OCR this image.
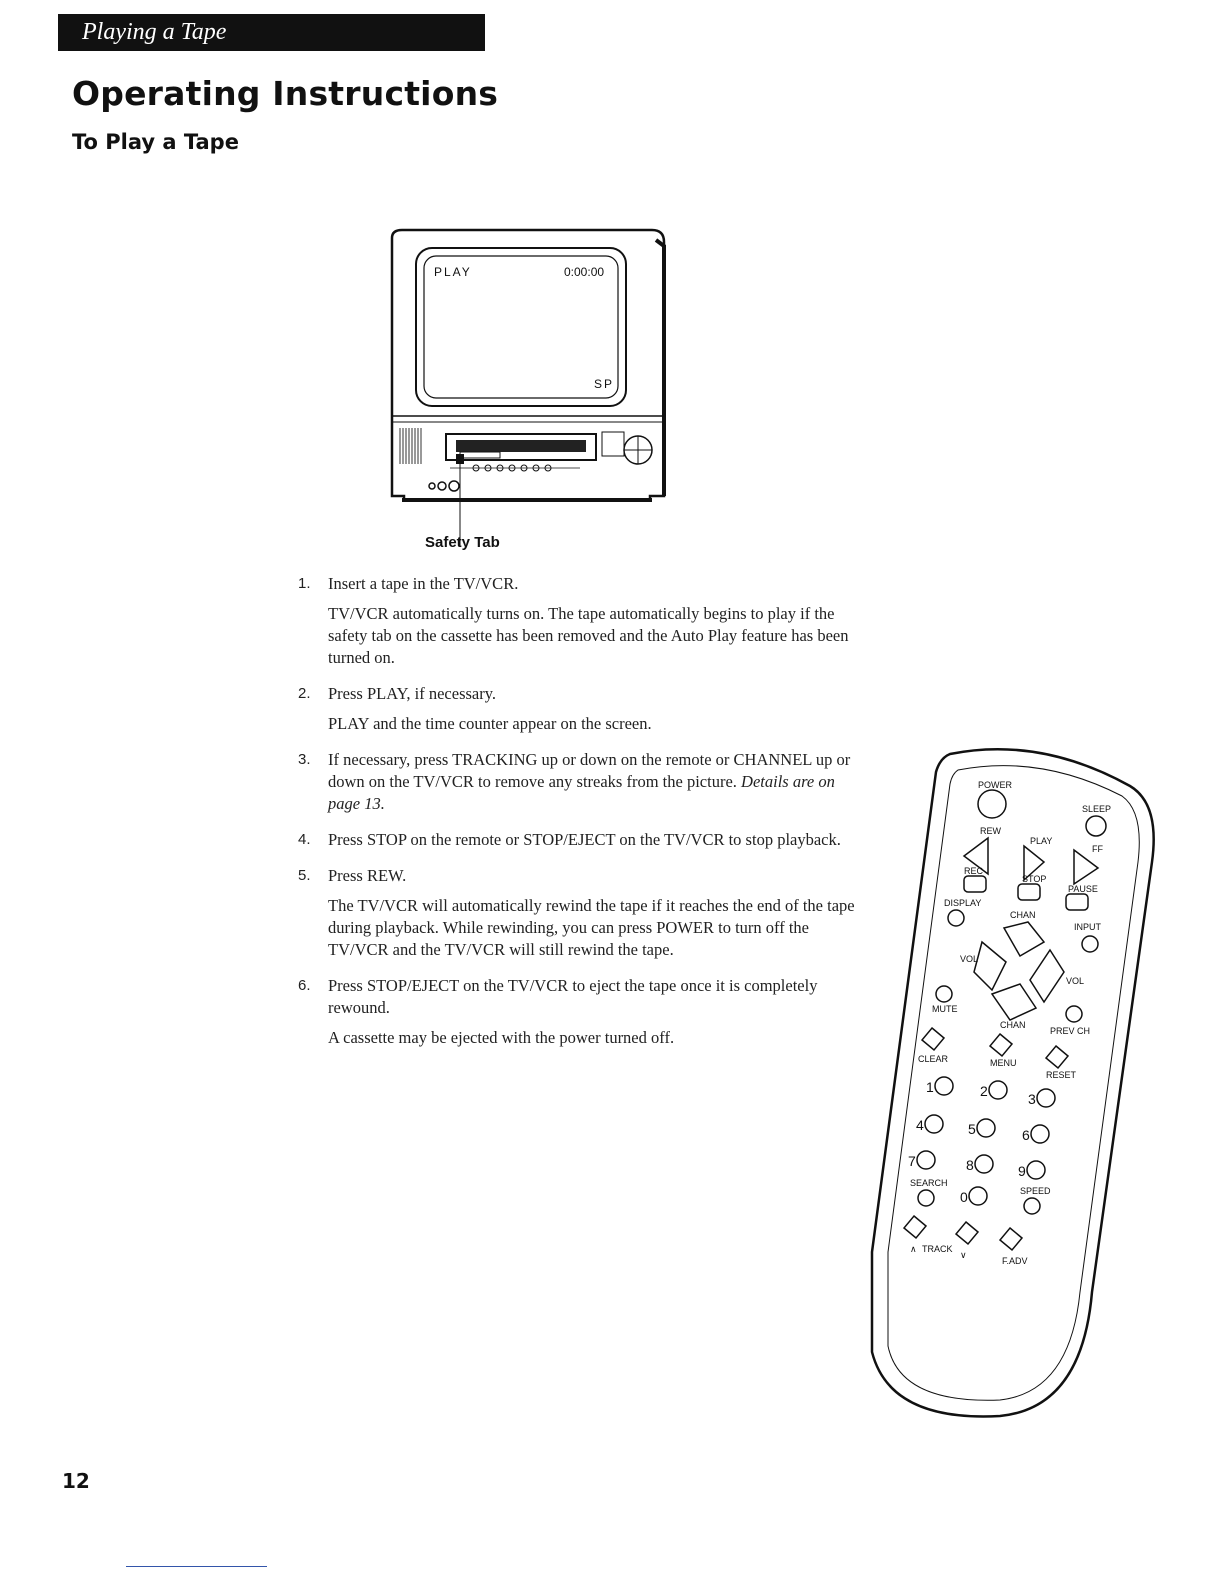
Playing a Tape
Operating Instructions
To Play a Tape
PLAY	0:00:00
SP
Safety Tab
1. Insert a tape in the TV/VCR.

TV/VCR automatically turns on. The tape automatically begins to play if the safety tab on the cassette has been removed and the Auto Play feature has been turned on.

2. Press PLAY, if necessary.

PLAY and the time counter appear on the screen.

3. If necessary, press TRACKING up or down on the remote or CHANNEL up or down on the TV/VCR to remove any streaks from the picture. Details are on page 13.

4. Press STOP on the remote or STOP/EJECT on the TV/VCR to stop playback.

5. Press REW.

The TV/VCR will automatically rewind the tape if it reaches the end of the tape during playback. While rewinding, you can press POWER to turn off the TV/VCR and the TV/VCR will still rewind the tape.

6. Press STOP/EJECT on the TV/VCR to eject the tape once it is completely rewound.

A cassette may be ejected with the power turned off.

POWER
SLEEP
REW
PLAY
FF
REC
STOP
PAUSE
DISPLAY
CHAN
INPUT
VOL
VOL
MUTE
CHAN
PREV CH
CLEAR	MENU
RESET
SEARCH
SPEED
∧ TRACK
∨
F.ADV
1	2	3
4	5	6
7	8	9
0
12
